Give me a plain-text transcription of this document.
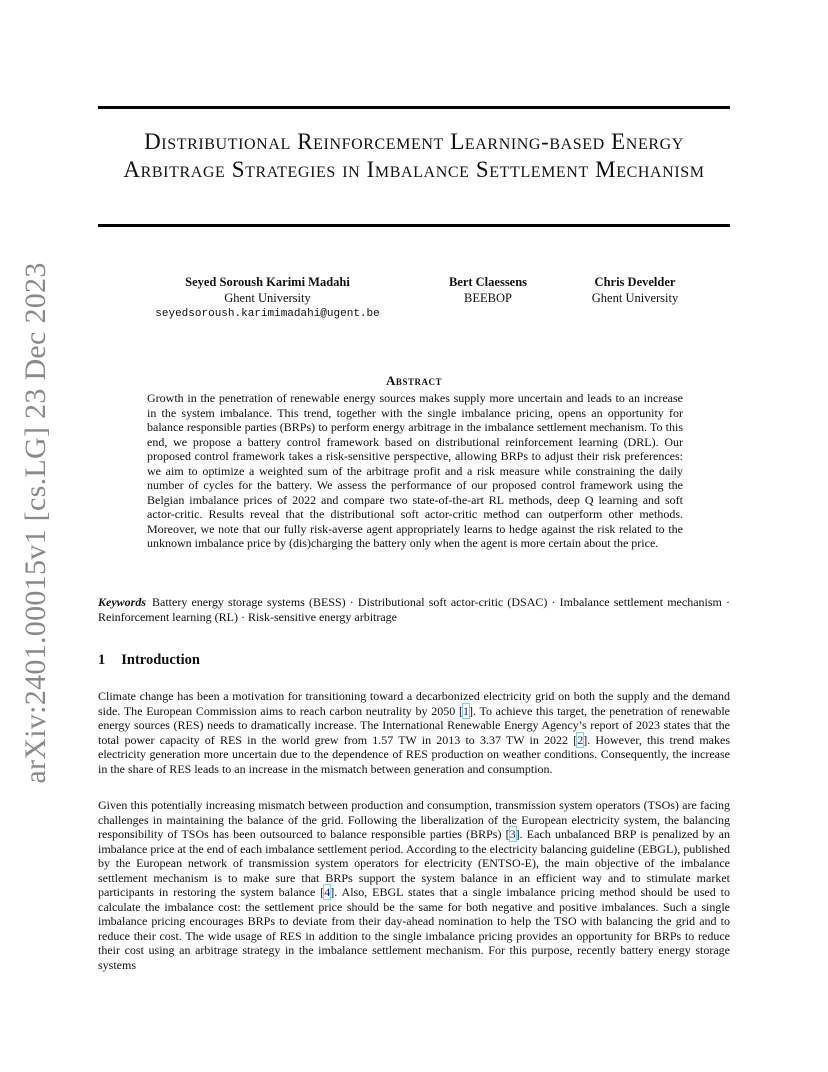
arXiv:2401.00015v1 [cs.LG] 23 Dec 2023
Distributional Reinforcement Learning-based Energy Arbitrage Strategies in Imbalance Settlement Mechanism
Seyed Soroush Karimi Madahi
Ghent University
seyedsoroush.karimimadahi@ugent.be
Bert Claessens
BEEBOP
Chris Develder
Ghent University
Abstract

Growth in the penetration of renewable energy sources makes supply more uncertain and leads to an increase in the system imbalance. This trend, together with the single imbalance pricing, opens an opportunity for balance responsible parties (BRPs) to perform energy arbitrage in the imbalance settlement mechanism. To this end, we propose a battery control framework based on distributional reinforcement learning (DRL). Our proposed control framework takes a risk-sensitive perspective, allowing BRPs to adjust their risk preferences: we aim to optimize a weighted sum of the arbitrage profit and a risk measure while constraining the daily number of cycles for the battery. We assess the performance of our proposed control framework using the Belgian imbalance prices of 2022 and compare two state-of-the-art RL methods, deep Q learning and soft actor-critic. Results reveal that the distributional soft actor-critic method can outperform other methods. Moreover, we note that our fully risk-averse agent appropriately learns to hedge against the risk related to the unknown imbalance price by (dis)charging the battery only when the agent is more certain about the price.

Keywords Battery energy storage systems (BESS) · Distributional soft actor-critic (DSAC) · Imbalance settlement mechanism · Reinforcement learning (RL) · Risk-sensitive energy arbitrage

1 Introduction

Climate change has been a motivation for transitioning toward a decarbonized electricity grid on both the supply and the demand side. The European Commission aims to reach carbon neutrality by 2050 [ 1 ] . To achieve this target, the penetration of renewable energy sources (RES) needs to dramatically increase. The International Renewable Energy Agency’s report of 2023 states that the total power capacity of RES in the world grew from 1.57 TW in 2013 to 3.37 TW in 2022 [ 2 ] . However, this trend makes electricity generation more uncertain due to the dependence of RES production on weather conditions. Consequently, the increase in the share of RES leads to an increase in the mismatch between generation and consumption.

Given this potentially increasing mismatch between production and consumption, transmission system operators (TSOs) are facing challenges in maintaining the balance of the grid. Following the liberalization of the European electricity system, the balancing responsibility of TSOs has been outsourced to balance responsible parties (BRPs) [ 3 ] . Each unbalanced BRP is penalized by an imbalance price at the end of each imbalance settlement period. According to the electricity balancing guideline (EBGL), published by the European network of transmission system operators for electricity (ENTSO-E), the main objective of the imbalance settlement mechanism is to make sure that BRPs support the system balance in an efficient way and to stimulate market participants in restoring the system balance [ 4 ] . Also, EBGL states that a single imbalance pricing method should be used to calculate the imbalance cost: the settlement price should be the same for both negative and positive imbalances. Such a single imbalance pricing encourages BRPs to deviate from their day-ahead nomination to help the TSO with balancing the grid and to reduce their cost. The wide usage of RES in addition to the single imbalance pricing provides an opportunity for BRPs to reduce their cost using an arbitrage strategy in the imbalance settlement mechanism. For this purpose, recently battery energy storage systems
